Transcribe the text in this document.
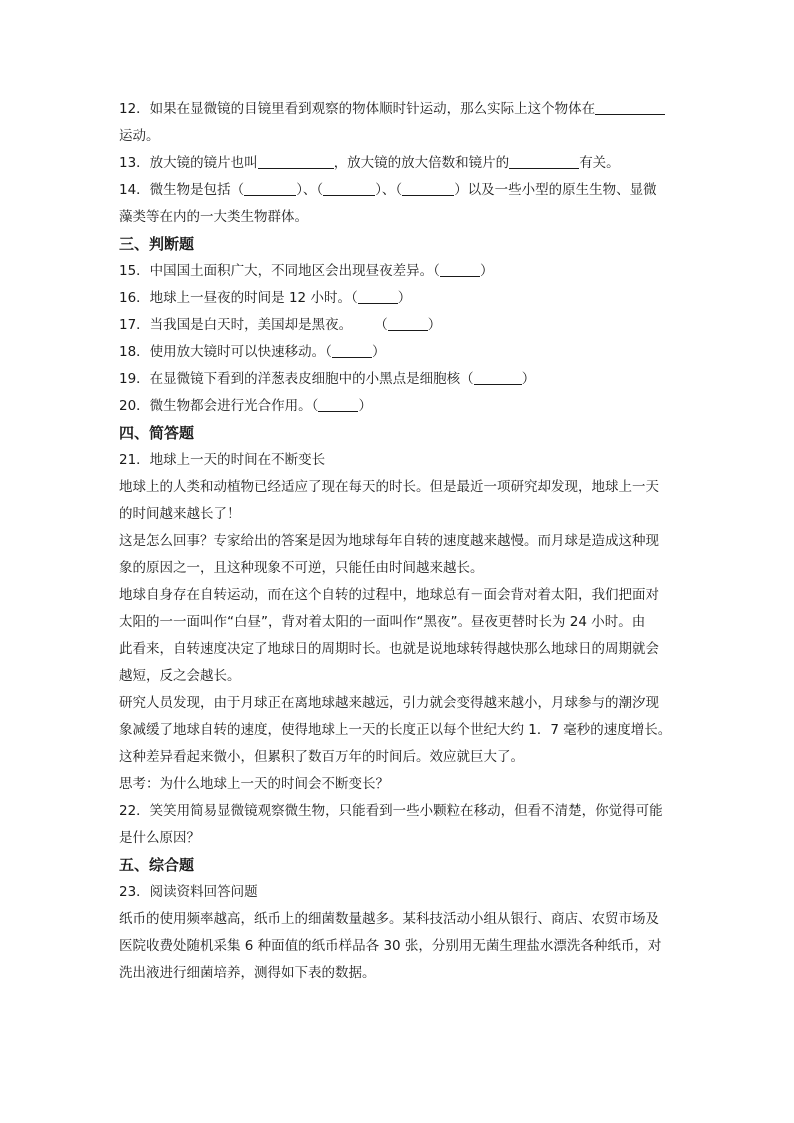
12．如果在显微镜的目镜里看到观察的物体顺时针运动，那么实际上这个物体在
运动。
13．放大镜的镜片也叫	，放大镜的放大倍数和镜片的	有关。
14．微生物是包括（	）、（	）、（	）以及一些小型的原生生物、显微
藻类等在内的一大类生物群体。
三、判断题
15．中国国土面积广大，不同地区会出现昼夜差异。（	）
16．地球上一昼夜的时间是 12 小时。（	）
17．当我国是白天时，美国却是黑夜。 （	）
18．使用放大镜时可以快速移动。（	）
19．在显微镜下看到的洋葱表皮细胞中的小黑点是细胞核（	）
20．微生物都会进行光合作用。（	）
四、简答题
21．地球上一天的时间在不断变长
地球上的人类和动植物已经适应了现在每天的时长。但是最近一项研究却发现，地球上一天
的时间越来越长了！
这是怎么回事？专家给出的答案是因为地球每年自转的速度越来越慢。而月球是造成这种现
象的原因之一，且这种现象不可逆，只能任由时间越来越长。
地球自身存在自转运动，而在这个自转的过程中，地球总有－面会背对着太阳，我们把面对
太阳的一一面叫作“白昼”，背对着太阳的一面叫作“黑夜”。昼夜更替时长为 24 小时。由
此看来，自转速度决定了地球日的周期时长。也就是说地球转得越快那么地球日的周期就会
越短，反之会越长。
研究人员发现，由于月球正在离地球越来越远，引力就会变得越来越小，月球参与的潮汐现
象减缓了地球自转的速度，使得地球上一天的长度正以每个世纪大约 1．7 毫秒的速度增长。
这种差异看起来微小，但累积了数百万年的时间后。效应就巨大了。
思考：为什么地球上一天的时间会不断变长？
22．笑笑用简易显微镜观察微生物，只能看到一些小颗粒在移动，但看不清楚，你觉得可能
是什么原因？
五、综合题
23．阅读资料回答问题
纸币的使用频率越高，纸币上的细菌数量越多。某科技活动小组从银行、商店、农贸市场及
医院收费处随机采集 6 种面值的纸币样品各 30 张，分别用无菌生理盐水漂洗各种纸币，对
洗出液进行细菌培养，测得如下表的数据。
